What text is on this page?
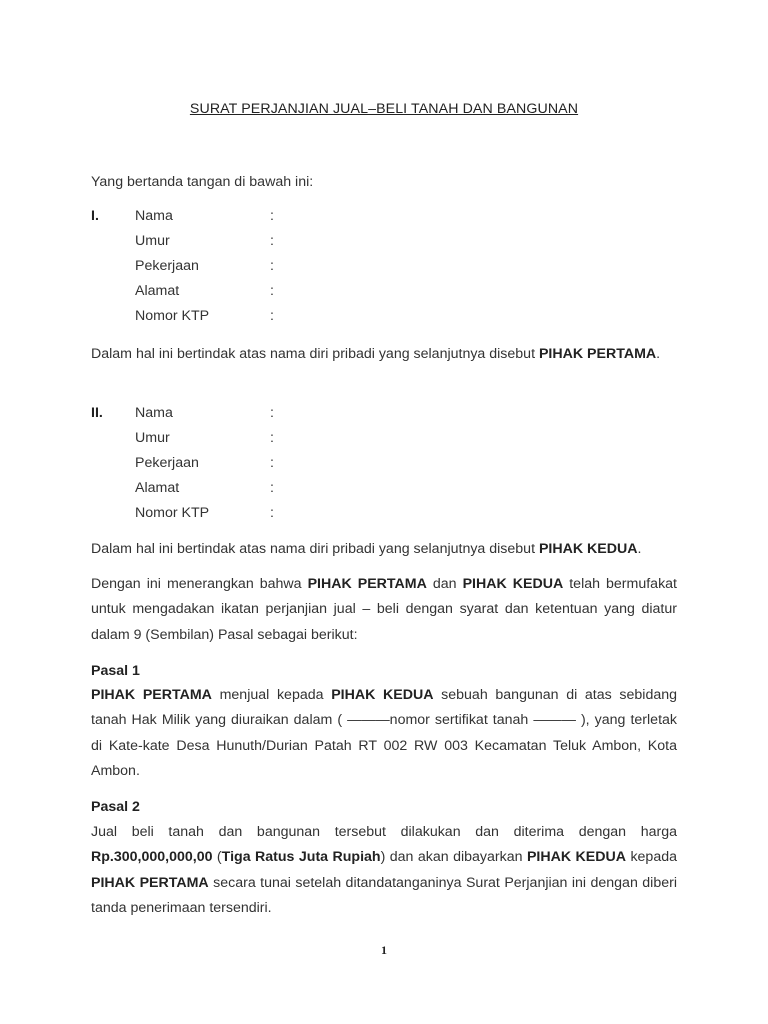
SURAT PERJANJIAN JUAL–BELI TANAH DAN BANGUNAN
Yang bertanda tangan di bawah ini:
I.	Nama	:
Umur	:
Pekerjaan	:
Alamat	:
Nomor KTP	:
Dalam hal ini bertindak atas nama diri pribadi yang selanjutnya disebut PIHAK PERTAMA.
II. Nama	:
Umur	:
Pekerjaan	:
Alamat	:
Nomor KTP	:
Dalam hal ini bertindak atas nama diri pribadi yang selanjutnya disebut PIHAK KEDUA.
Dengan ini menerangkan bahwa PIHAK PERTAMA dan PIHAK KEDUA telah bermufakat untuk mengadakan ikatan perjanjian jual – beli dengan syarat dan ketentuan yang diatur dalam 9 (Sembilan) Pasal sebagai berikut:
Pasal 1
PIHAK PERTAMA menjual kepada PIHAK KEDUA sebuah bangunan di atas sebidang tanah Hak Milik yang diuraikan dalam ( ———nomor sertifikat tanah ——— ), yang terletak di Kate-kate Desa Hunuth/Durian Patah RT 002 RW 003 Kecamatan Teluk Ambon, Kota Ambon.
Pasal 2
Jual beli tanah dan bangunan tersebut dilakukan dan diterima dengan harga Rp.300,000,000,00 (Tiga Ratus Juta Rupiah) dan akan dibayarkan PIHAK KEDUA kepada PIHAK PERTAMA secara tunai setelah ditandatanganinya Surat Perjanjian ini dengan diberi tanda penerimaan tersendiri.
1
